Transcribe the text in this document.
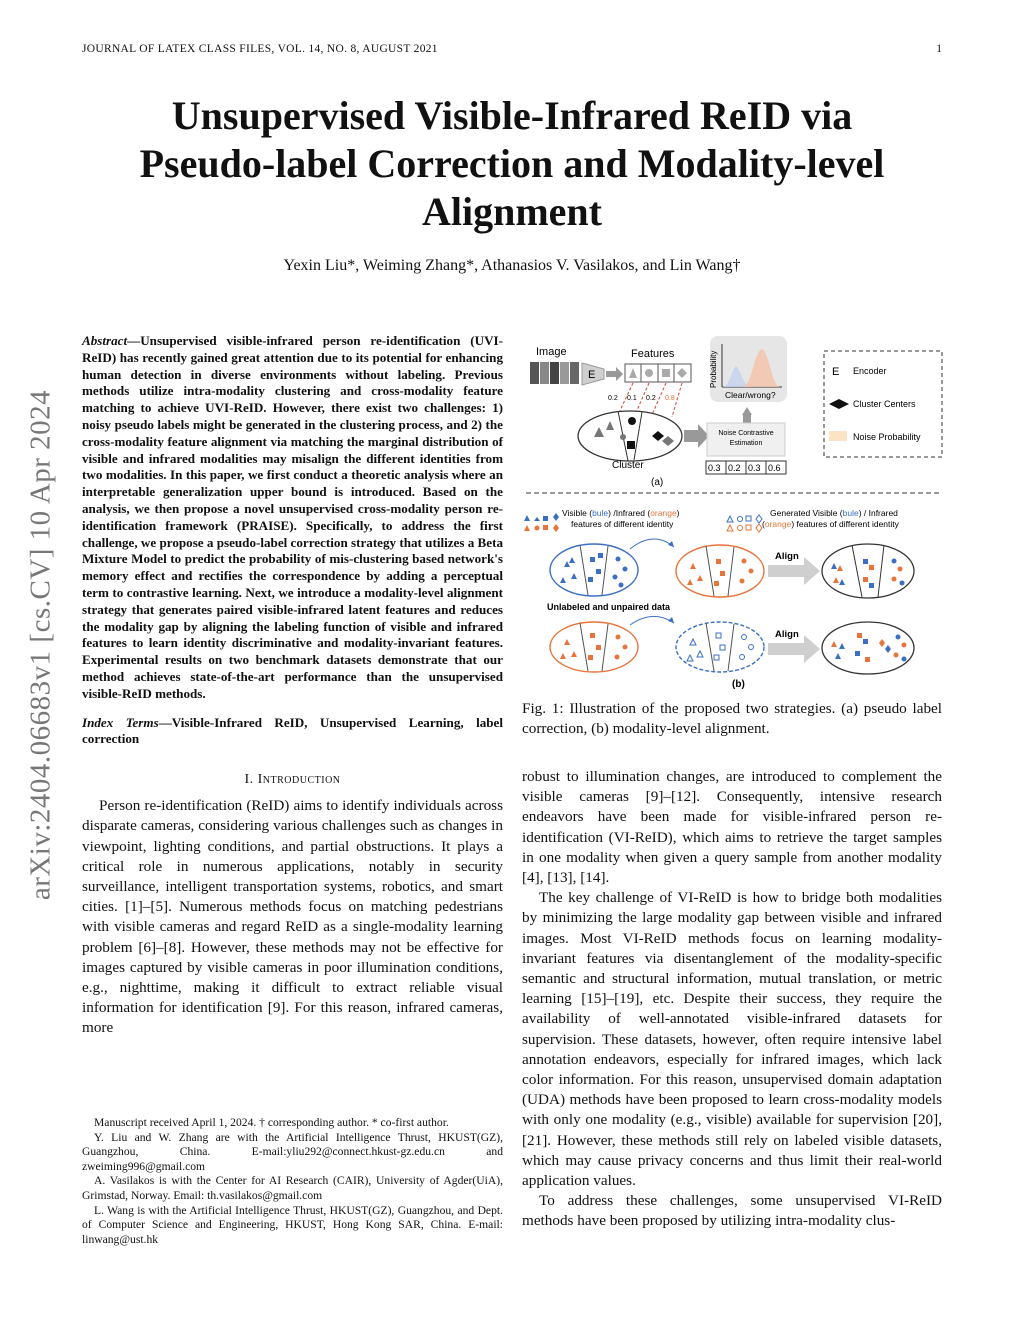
JOURNAL OF LATEX CLASS FILES, VOL. 14, NO. 8, AUGUST 2021	1
arXiv:2404.06683v1 [cs.CV] 10 Apr 2024
Unsupervised Visible-Infrared ReID via Pseudo-label Correction and Modality-level Alignment
Yexin Liu*, Weiming Zhang*, Athanasios V. Vasilakos, and Lin Wang†
Abstract—Unsupervised visible-infrared person re-identification (UVI-ReID) has recently gained great attention due to its potential for enhancing human detection in diverse environments without labeling. Previous methods utilize intra-modality clustering and cross-modality feature matching to achieve UVI-ReID. However, there exist two challenges: 1) noisy pseudo labels might be generated in the clustering process, and 2) the cross-modality feature alignment via matching the marginal distribution of visible and infrared modalities may misalign the different identities from two modalities. In this paper, we first conduct a theoretic analysis where an interpretable generalization upper bound is introduced. Based on the analysis, we then propose a novel unsupervised cross-modality person re-identification framework (PRAISE). Specifically, to address the first challenge, we propose a pseudo-label correction strategy that utilizes a Beta Mixture Model to predict the probability of mis-clustering based network's memory effect and rectifies the correspondence by adding a perceptual term to contrastive learning. Next, we introduce a modality-level alignment strategy that generates paired visible-infrared latent features and reduces the modality gap by aligning the labeling function of visible and infrared features to learn identity discriminative and modality-invariant features. Experimental results on two benchmark datasets demonstrate that our method achieves state-of-the-art performance than the unsupervised visible-ReID methods.
Index Terms—Visible-Infrared ReID, Unsupervised Learning, label correction
I. Introduction

Person re-identification (ReID) aims to identify individuals across disparate cameras, considering various challenges such as changes in viewpoint, lighting conditions, and partial obstructions. It plays a critical role in numerous applications, notably in security surveillance, intelligent transportation systems, robotics, and smart cities. [1]–[5]. Numerous methods focus on matching pedestrians with visible cameras and regard ReID as a single-modality learning problem [6]–[8]. However, these methods may not be effective for images captured by visible cameras in poor illumination conditions, e.g., nighttime, making it difficult to extract reliable visual information for identification [9]. For this reason, infrared cameras, more

Manuscript received April 1, 2024. † corresponding author. * co-first author.

Y. Liu and W. Zhang are with the Artificial Intelligence Thrust, HKUST(GZ), Guangzhou, China. E-mail:yliu292@connect.hkust-gz.edu.cn and zweiming996@gmail.com

A. Vasilakos is with the Center for AI Research (CAIR), University of Agder(UiA), Grimstad, Norway. Email: th.vasilakos@gmail.com

L. Wang is with the Artificial Intelligence Thrust, HKUST(GZ), Guangzhou, and Dept. of Computer Science and Engineering, HKUST, Hong Kong SAR, China. E-mail: linwang@ust.hk

Image
E
Features
0.2 0.1 0.2 0.8
Cluster
Probability
Clear/wrong?
Noise Contrastive
Estimation
0.3 0.2 0.3 0.6
(a)
E Encoder
Cluster Centers
Noise Probability
Visible (bule) /Infrared (orange)
features of different identity
Generated Visible (bule) / Infrared
(orange) features of different identity
Align
Unlabeled and unpaired data
Align
(b)
Fig. 1: Illustration of the proposed two strategies. (a) pseudo label correction, (b) modality-level alignment.

robust to illumination changes, are introduced to complement the visible cameras [9]–[12]. Consequently, intensive research endeavors have been made for visible-infrared person re-identification (VI-ReID), which aims to retrieve the target samples in one modality when given a query sample from another modality [4], [13], [14].

The key challenge of VI-ReID is how to bridge both modalities by minimizing the large modality gap between visible and infrared images. Most VI-ReID methods focus on learning modality-invariant features via disentanglement of the modality-specific semantic and structural information, mutual translation, or metric learning [15]–[19], etc. Despite their success, they require the availability of well-annotated visible-infrared datasets for supervision. These datasets, however, often require intensive label annotation endeavors, especially for infrared images, which lack color information. For this reason, unsupervised domain adaptation (UDA) methods have been proposed to learn cross-modality models with only one modality (e.g., visible) available for supervision [20], [21]. However, these methods still rely on labeled visible datasets, which may cause privacy concerns and thus limit their real-world application values.

To address these challenges, some unsupervised VI-ReID methods have been proposed by utilizing intra-modality clus-
